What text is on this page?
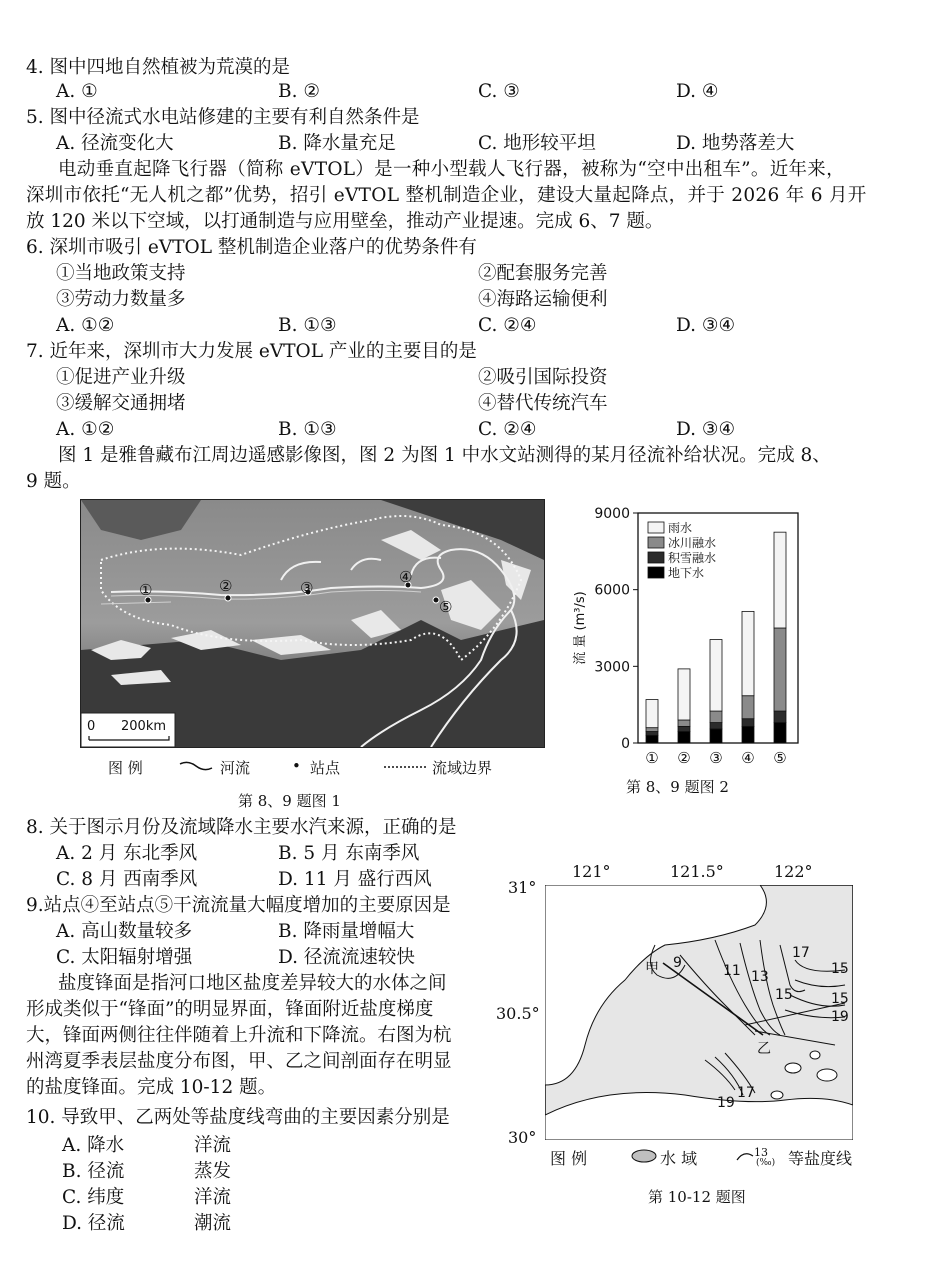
4. 图中四地自然植被为荒漠的是
A. ①	B. ②	C. ③	D. ④
5. 图中径流式水电站修建的主要有利自然条件是
A. 径流变化大	B. 降水量充足	C. 地形较平坦	D. 地势落差大
电动垂直起降飞行器（简称 eVTOL）是一种小型载人飞行器，被称为“空中出租车”。近年来，
深圳市依托“无人机之都”优势，招引 eVTOL 整机制造企业，建设大量起降点，并于 2026 年 6 月开
放 120 米以下空域，以打通制造与应用壁垒，推动产业提速。完成 6、7 题。
6. 深圳市吸引 eVTOL 整机制造企业落户的优势条件有
①当地政策支持	②配套服务完善
③劳动力数量多	④海路运输便利
A. ①②	B. ①③	C. ②④	D. ③④
7. 近年来，深圳市大力发展 eVTOL 产业的主要目的是
①促进产业升级	②吸引国际投资
③缓解交通拥堵	④替代传统汽车
A. ①②	B. ①③	C. ②④	D. ③④
图 1 是雅鲁藏布江周边遥感影像图，图 2 为图 1 中水文站测得的某月径流补给状况。完成 8、
9 题。
①	②	③
④
⑤
0 200km
图 例	河流	• 站点	流域边界
第 8、9 题图 1
9000
6000
3000
0
流 量 (m³/s)
① ② ③ ④ ⑤
雨水
冰川融水
积雪融水
地下水
第 8、9 题图 2
8. 关于图示月份及流域降水主要水汽来源，正确的是
A. 2 月 东北季风	B. 5 月 东南季风
C. 8 月 西南季风	D. 11 月 盛行西风
9.站点④至站点⑤干流流量大幅度增加的主要原因是
A. 高山数量较多	B. 降雨量增幅大
C. 太阳辐射增强	D. 径流流速较快
盐度锋面是指河口地区盐度差异较大的水体之间
形成类似于“锋面”的明显界面，锋面附近盐度梯度
大，锋面两侧往往伴随着上升流和下降流。右图为杭
州湾夏季表层盐度分布图，甲、乙之间剖面存在明显
的盐度锋面。完成 10-12 题。
10. 导致甲、乙两处等盐度线弯曲的主要因素分别是
A. 降水	洋流
B. 径流	蒸发
C. 纬度	洋流
D. 径流	潮流
121°	121.5°	122°
31°
30.5°
30°
甲
乙
9	11 13
17
15
15	15
19
19
17
图 例	水 域	13
(‰) 等盐度线
第 10-12 题图
